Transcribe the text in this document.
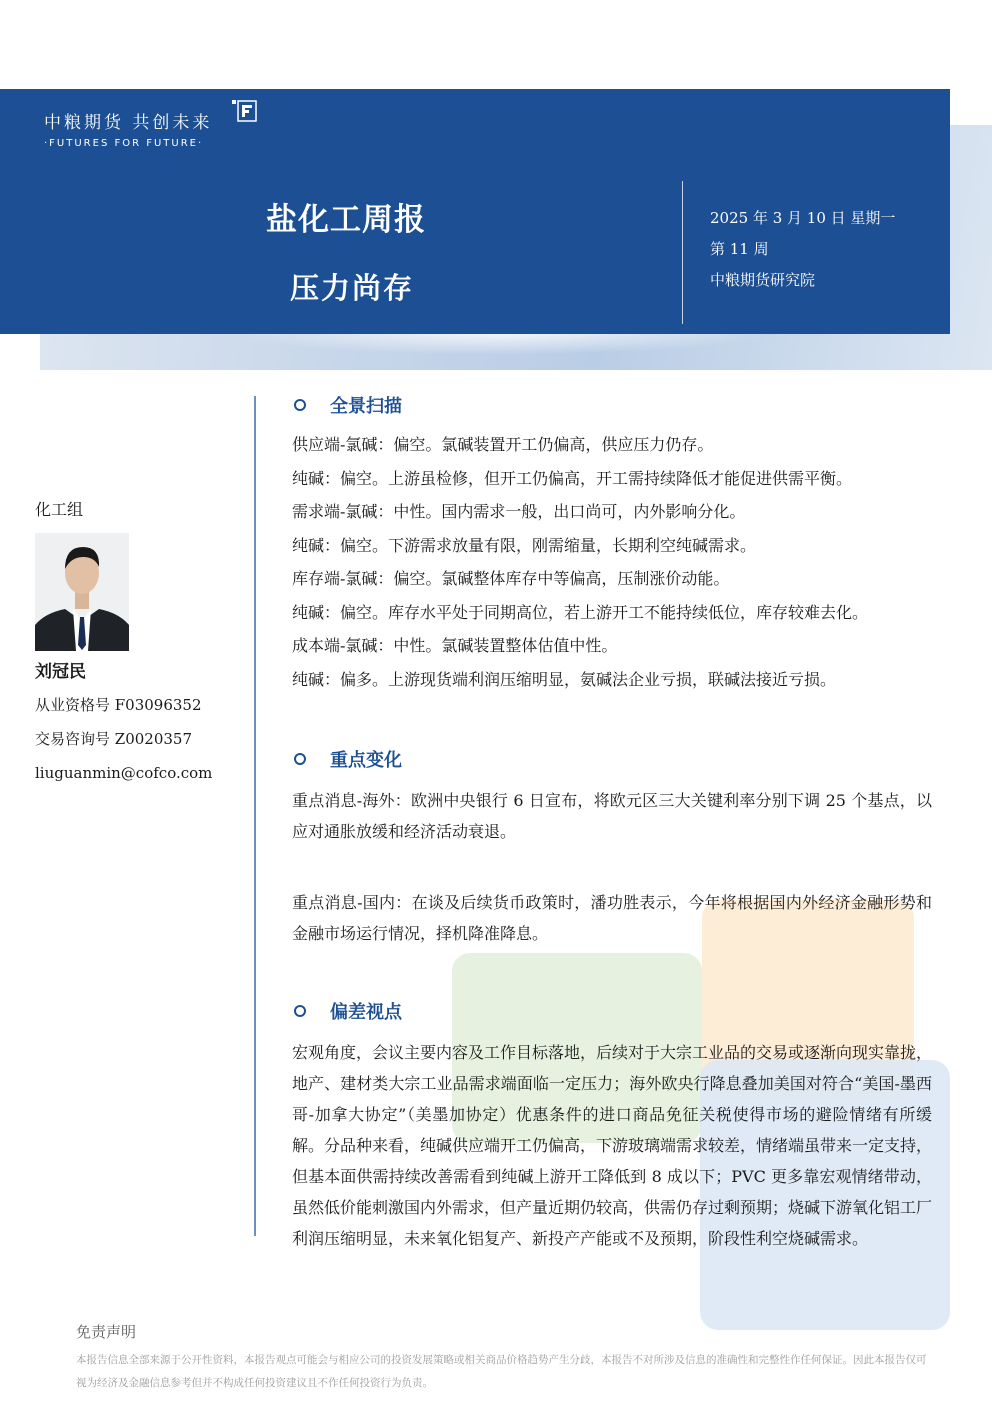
中粮期货 共创未来
·FUTURES FOR FUTURE·
盐化工周报
压力尚存
2025 年 3 月 10 日 星期一
第 11 周
中粮期货研究院
化工组
刘冠民
从业资格号 F03096352
交易咨询号 Z0020357
liuguanmin@cofco.com
全景扫描

供应端-氯碱：偏空。氯碱装置开工仍偏高，供应压力仍存。

纯碱：偏空。上游虽检修，但开工仍偏高，开工需持续降低才能促进供需平衡。

需求端-氯碱：中性。国内需求一般，出口尚可，内外影响分化。

纯碱：偏空。下游需求放量有限，刚需缩量，长期利空纯碱需求。

库存端-氯碱：偏空。氯碱整体库存中等偏高，压制涨价动能。

纯碱：偏空。库存水平处于同期高位，若上游开工不能持续低位，库存较难去化。

成本端-氯碱：中性。氯碱装置整体估值中性。

纯碱：偏多。上游现货端利润压缩明显，氨碱法企业亏损，联碱法接近亏损。

重点变化

重点消息-海外：欧洲中央银行 6 日宣布，将欧元区三大关键利率分别下调 25 个基点，以应对通胀放缓和经济活动衰退。

重点消息-国内：在谈及后续货币政策时，潘功胜表示，今年将根据国内外经济金融形势和金融市场运行情况，择机降准降息。

偏差视点

宏观角度，会议主要内容及工作目标落地，后续对于大宗工业品的交易或逐渐向现实靠拢，地产、建材类大宗工业品需求端面临一定压力；海外欧央行降息叠加美国对符合“美国-墨西哥-加拿大协定”（美墨加协定）优惠条件的进口商品免征关税使得市场的避险情绪有所缓解。分品种来看，纯碱供应端开工仍偏高，下游玻璃端需求较差，情绪端虽带来一定支持，但基本面供需持续改善需看到纯碱上游开工降低到 8 成以下；PVC 更多靠宏观情绪带动，虽然低价能刺激国内外需求，但产量近期仍较高，供需仍存过剩预期；烧碱下游氧化铝工厂利润压缩明显，未来氧化铝复产、新投产产能或不及预期，阶段性利空烧碱需求。

免责声明
本报告信息全部来源于公开性资料，本报告观点可能会与相应公司的投资发展策略或相关商品价格趋势产生分歧，本报告不对所涉及信息的准确性和完整性作任何保证。因此本报告仅可视为经济及金融信息参考但并不构成任何投资建议且不作任何投资行为负责。
